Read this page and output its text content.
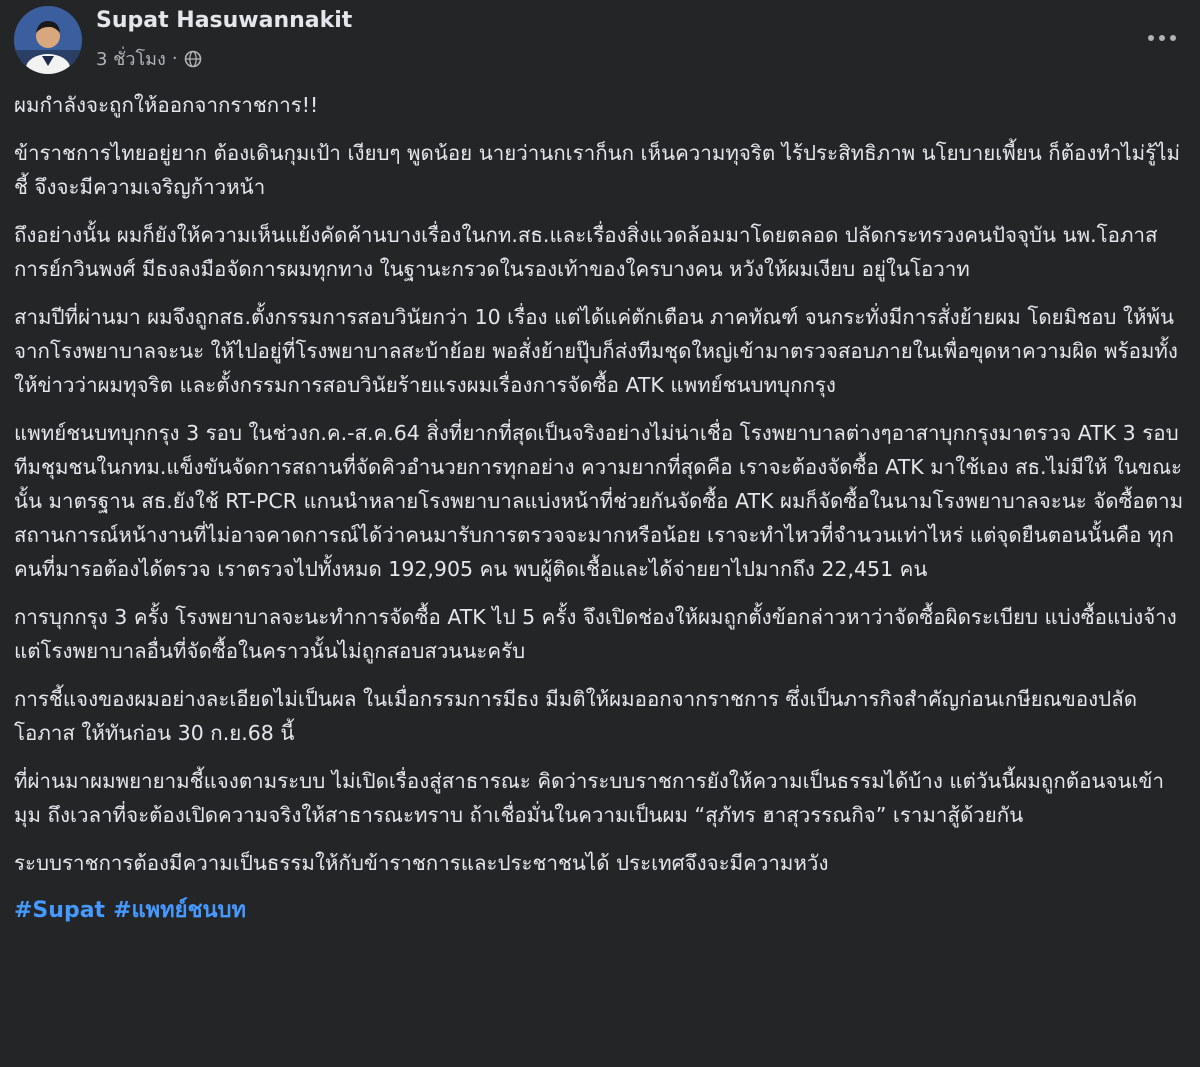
Supat Hasuwannakit
3 ชั่วโมง ·

ผมกำลังจะถูกให้ออกจากราชการ!!

ข้าราชการไทยอยู่ยาก ต้องเดินกุมเป้า เงียบๆ พูดน้อย นายว่านกเราก็นก เห็นความทุจริต ไร้ประสิทธิภาพ นโยบายเพี้ยน ก็ต้องทำไม่รู้ไม่ชี้ จึงจะมีความเจริญก้าวหน้า

ถึงอย่างนั้น ผมก็ยังให้ความเห็นแย้งคัดค้านบางเรื่องในกท.สธ.และเรื่องสิ่งแวดล้อมมาโดยตลอด ปลัดกระทรวงคนปัจจุบัน นพ.โอภาส การย์กวินพงศ์ มีธงลงมือจัดการผมทุกทาง ในฐานะกรวดในรองเท้าของใครบางคน หวังให้ผมเงียบ อยู่ในโอวาท

สามปีที่ผ่านมา ผมจึงถูกสธ.ตั้งกรรมการสอบวินัยกว่า 10 เรื่อง แต่ได้แค่ตักเตือน ภาคทัณฑ์ จนกระทั่งมีการสั่งย้ายผม โดยมิชอบ ให้พ้นจากโรงพยาบาลจะนะ ให้ไปอยู่ที่โรงพยาบาลสะบ้าย้อย พอสั่งย้ายปุ๊บก็ส่งทีมชุดใหญ่เข้ามาตรวจสอบภายในเพื่อขุดหาความผิด พร้อมทั้งให้ข่าวว่าผมทุจริต และตั้งกรรมการสอบวินัยร้ายแรงผมเรื่องการจัดซื้อ ATK แพทย์ชนบทบุกกรุง

แพทย์ชนบทบุกกรุง 3 รอบ ในช่วงก.ค.-ส.ค.64 สิ่งที่ยากที่สุดเป็นจริงอย่างไม่น่าเชื่อ โรงพยาบาลต่างๆอาสาบุกกรุงมาตรวจ ATK 3 รอบ ทีมชุมชนในกทม.แข็งขันจัดการสถานที่จัดคิวอำนวยการทุกอย่าง ความยากที่สุดคือ เราจะต้องจัดซื้อ ATK มาใช้เอง สธ.ไม่มีให้ ในขณะนั้น มาตรฐาน สธ.ยังใช้ RT-PCR แกนนำหลายโรงพยาบาลแบ่งหน้าที่ช่วยกันจัดซื้อ ATK ผมก็จัดซื้อในนามโรงพยาบาลจะนะ จัดซื้อตามสถานการณ์หน้างานที่ไม่อาจคาดการณ์ได้ว่าคนมารับการตรวจจะมากหรือน้อย เราจะทำไหวที่จำนวนเท่าไหร่ แต่จุดยืนตอนนั้นคือ ทุกคนที่มารอต้องได้ตรวจ เราตรวจไปทั้งหมด 192,905 คน พบผู้ติดเชื้อและได้จ่ายยาไปมากถึง 22,451 คน

การบุกกรุง 3 ครั้ง โรงพยาบาลจะนะทำการจัดซื้อ ATK ไป 5 ครั้ง จึงเปิดช่องให้ผมถูกตั้งข้อกล่าวหาว่าจัดซื้อผิดระเบียบ แบ่งซื้อแบ่งจ้าง แต่โรงพยาบาลอื่นที่จัดซื้อในคราวนั้นไม่ถูกสอบสวนนะครับ

การชี้แจงของผมอย่างละเอียดไม่เป็นผล ในเมื่อกรรมการมีธง มีมติให้ผมออกจากราชการ ซึ่งเป็นภารกิจสำคัญก่อนเกษียณของปลัดโอภาส ให้ทันก่อน 30 ก.ย.68 นี้

ที่ผ่านมาผมพยายามชี้แจงตามระบบ ไม่เปิดเรื่องสู่สาธารณะ คิดว่าระบบราชการยังให้ความเป็นธรรมได้บ้าง แต่วันนี้ผมถูกต้อนจนเข้ามุม ถึงเวลาที่จะต้องเปิดความจริงให้สาธารณะทราบ ถ้าเชื่อมั่นในความเป็นผม “สุภัทร ฮาสุวรรณกิจ” เรามาสู้ด้วยกัน

ระบบราชการต้องมีความเป็นธรรมให้กับข้าราชการและประชาชนได้ ประเทศจึงจะมีความหวัง

#Supat #แพทย์ชนบท
